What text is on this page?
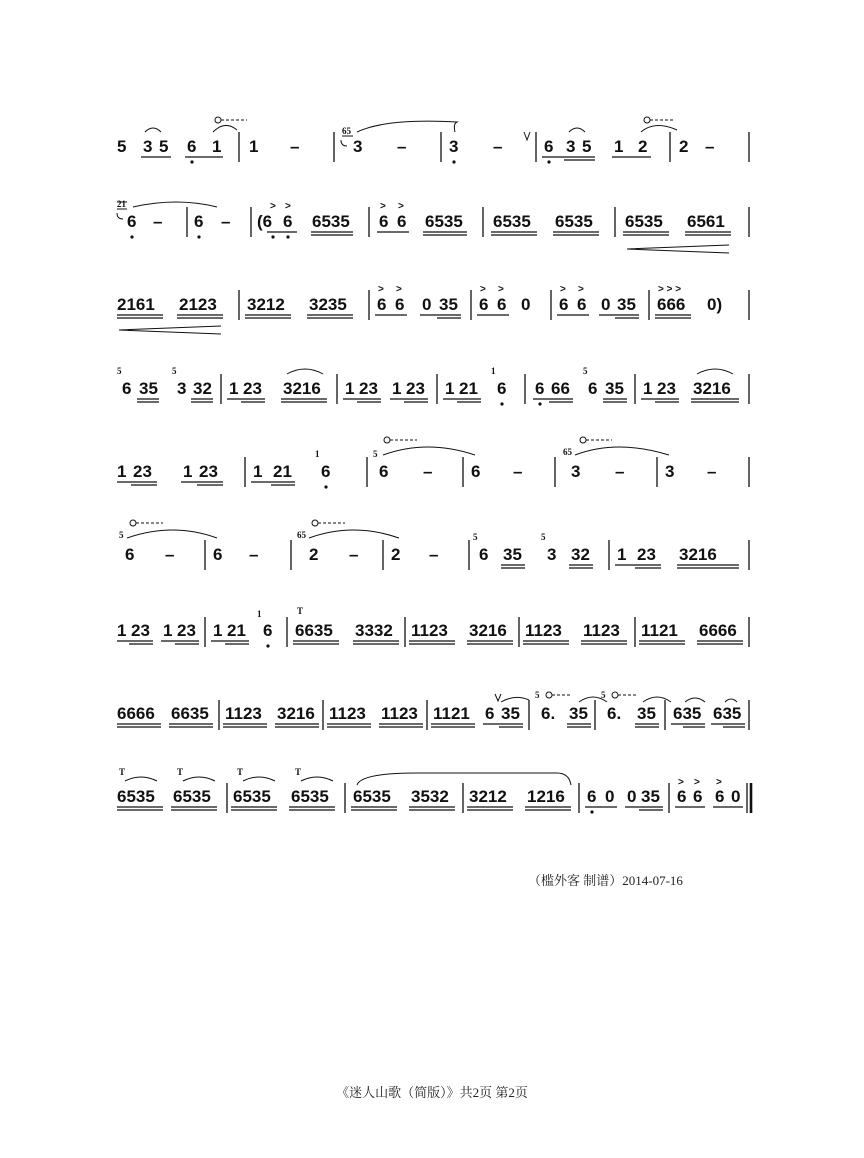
5 3 5 6 1 1 –
65
3 –	3 – 6 3 5 1 2 2 –
21
6 – 6 – (6 6
> >
6535 6 6
> >
6535 6535 6535 6535 6561
2161 2123 3212 3235 6 6
> >
0 35 6 6
> >
0 6 6
> >
0 35 666
> > >
0)
5	5
6 35 3 32 1 23 3216 1 23 1 23 1 21
1
6 6 66
5
6 35 1 23 3216
1 23 1 23 1 21
1
6
5
6 – 6 –
65
3 – 3 –
5
6 – 6 –
65
2 – 2 –
5	5
6 35 3 32 1 23 3216
1 23 1 23 1 21
1
6
T
6635 3332 1123 3216 1123 1123 1121 6666
6666 6635 1123 3216 1123 1123 1121 6 35
5
6. 35
5
6. 35 635 635
T	T	T	T
6535 6535 6535 6535 6535 3532 3212 1216 6 0 0 35 6 6
> >
6 0
>
（槛外客 制谱）2014-07-16
《迷人山歌（简版）》共2页 第2页
